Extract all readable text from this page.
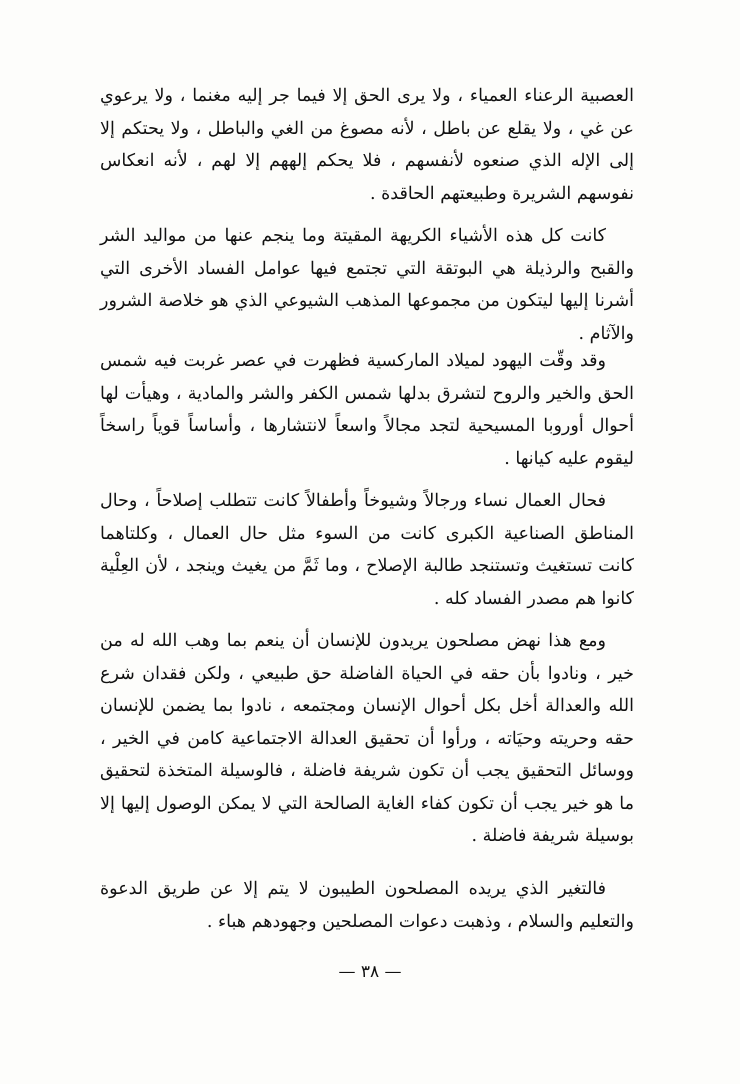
العصبية الرعناء العمياء ، ولا يرى الحق إلا فيما جر إليه مغنما ، ولا يرعوي عن غي ، ولا يقلع عن باطل ، لأنه مصوغ من الغي والباطل ، ولا يحتكم إلا إلى الإله الذي صنعوه لأنفسهم ، فلا يحكم إلههم إلا لهم ، لأنه انعكاس نفوسهم الشريرة وطبيعتهم الحاقدة .

كانت كل هذه الأشياء الكريهة المقيتة وما ينجم عنها من مواليد الشر والقبح والرذيلة هي البوتقة التي تجتمع فيها عوامل الفساد الأخرى التي أشرنا إليها ليتكون من مجموعها المذهب الشيوعي الذي هو خلاصة الشرور والآثام .

وقد وقّت اليهود لميلاد الماركسية فظهرت في عصر غربت فيه شمس الحق والخير والروح لتشرق بدلها شمس الكفر والشر والمادية ، وهيأت لها أحوال أوروبا المسيحية لتجد مجالاً واسعاً لانتشارها ، وأساساً قوياً راسخاً ليقوم عليه كيانها .

فحال العمال نساء ورجالاً وشيوخاً وأطفالاً كانت تتطلب إصلاحاً ، وحال المناطق الصناعية الكبرى كانت من السوء مثل حال العمال ، وكلتاهما كانت تستغيث وتستنجد طالبة الإصلاح ، وما ثَمَّ من يغيث وينجد ، لأن العِلْية كانوا هم مصدر الفساد كله .

ومع هذا نهض مصلحون يريدون للإنسان أن ينعم بما وهب الله له من خير ، ونادوا بأن حقه في الحياة الفاضلة حق طبيعي ، ولكن فقدان شرع الله والعدالة أخل بكل أحوال الإنسان ومجتمعه ، نادوا بما يضمن للإنسان حقه وحريته وحيَاته ، ورأوا أن تحقيق العدالة الاجتماعية كامن في الخير ، ووسائل التحقيق يجب أن تكون شريفة فاضلة ، فالوسيلة المتخذة لتحقيق ما هو خير يجب أن تكون كفاء الغاية الصالحة التي لا يمكن الوصول إليها إلا بوسيلة شريفة فاضلة .

فالتغير الذي يريده المصلحون الطيبون لا يتم إلا عن طريق الدعوة والتعليم والسلام ، وذهبت دعوات المصلحين وجهودهم هباء .

— ٣٨ —
